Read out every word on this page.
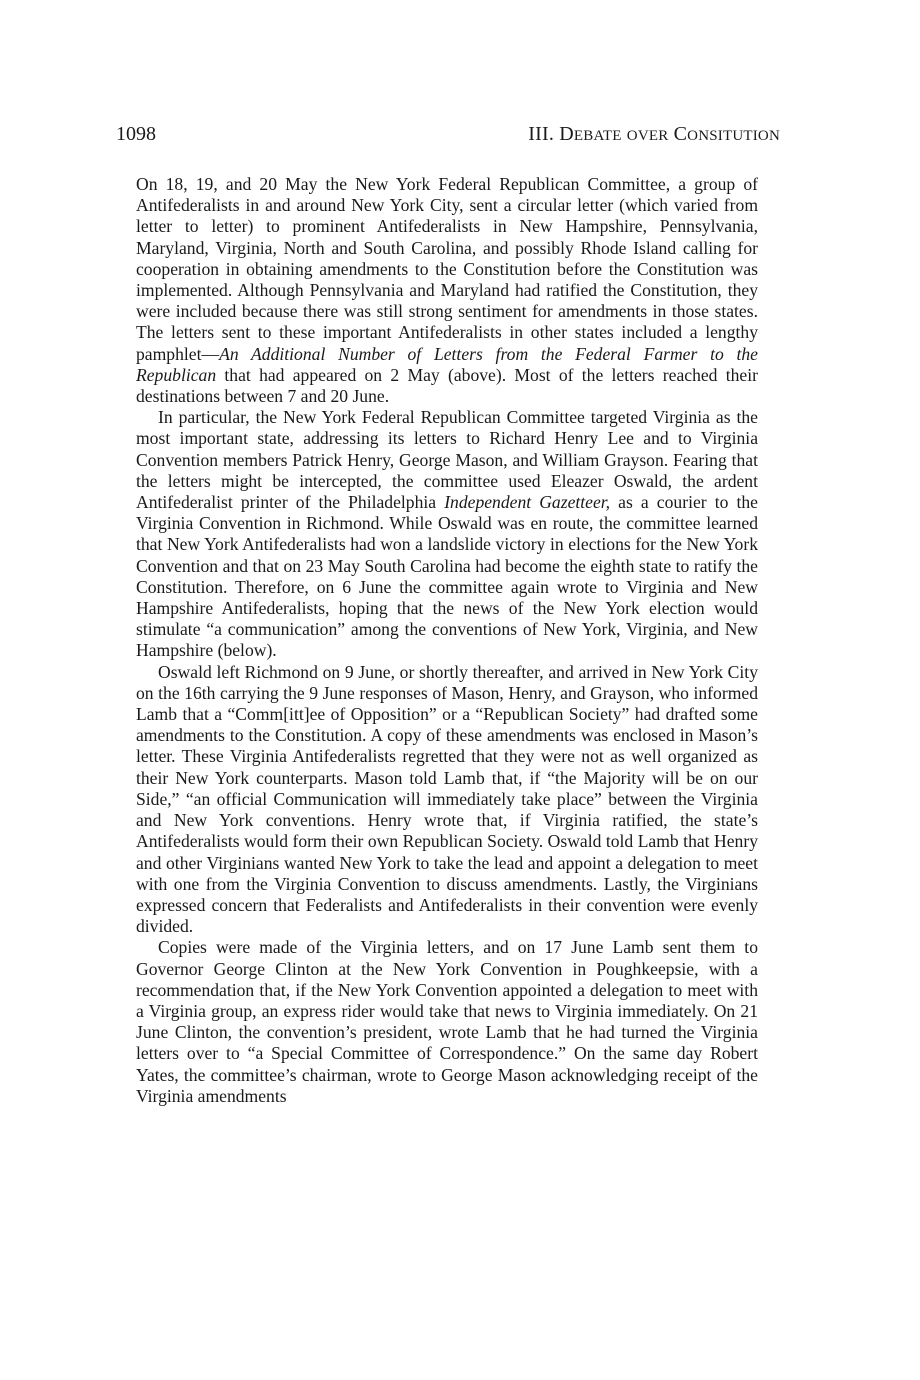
1098	III. DEBATE OVER CONSITUTION

On 18, 19, and 20 May the New York Federal Republican Committee, a group of Antifederalists in and around New York City, sent a circular letter (which varied from letter to letter) to prominent Antifederalists in New Hampshire, Pennsylvania, Maryland, Virginia, North and South Carolina, and possibly Rhode Island calling for cooperation in obtaining amendments to the Constitution before the Constitution was implemented. Although Pennsylvania and Maryland had ratified the Constitution, they were included because there was still strong sentiment for amendments in those states. The letters sent to these important Antifederalists in other states included a lengthy pamphlet—An Additional Number of Letters from the Federal Farmer to the Republican that had appeared on 2 May (above). Most of the letters reached their destinations between 7 and 20 June.

In particular, the New York Federal Republican Committee targeted Virginia as the most important state, addressing its letters to Richard Henry Lee and to Virginia Convention members Patrick Henry, George Mason, and William Grayson. Fearing that the letters might be intercepted, the committee used Eleazer Oswald, the ardent Antifederalist printer of the Philadelphia Independent Gazetteer, as a courier to the Virginia Convention in Richmond. While Oswald was en route, the committee learned that New York Antifederalists had won a landslide victory in elections for the New York Convention and that on 23 May South Carolina had become the eighth state to ratify the Constitution. Therefore, on 6 June the committee again wrote to Virginia and New Hampshire Antifederalists, hoping that the news of the New York election would stimulate “a communication” among the conventions of New York, Virginia, and New Hampshire (below).

Oswald left Richmond on 9 June, or shortly thereafter, and arrived in New York City on the 16th carrying the 9 June responses of Mason, Henry, and Grayson, who informed Lamb that a “Comm[itt]ee of Opposition” or a “Republican Society” had drafted some amendments to the Constitution. A copy of these amendments was enclosed in Mason’s letter. These Virginia Antifederalists regretted that they were not as well organized as their New York counterparts. Mason told Lamb that, if “the Majority will be on our Side,” “an official Communication will immediately take place” between the Virginia and New York conventions. Henry wrote that, if Virginia ratified, the state’s Antifederalists would form their own Republican Society. Oswald told Lamb that Henry and other Virginians wanted New York to take the lead and appoint a delegation to meet with one from the Virginia Convention to discuss amendments. Lastly, the Virginians expressed concern that Federalists and Antifederalists in their convention were evenly divided.

Copies were made of the Virginia letters, and on 17 June Lamb sent them to Governor George Clinton at the New York Convention in Poughkeepsie, with a recommendation that, if the New York Convention appointed a delegation to meet with a Virginia group, an express rider would take that news to Virginia immediately. On 21 June Clinton, the convention’s president, wrote Lamb that he had turned the Virginia letters over to “a Special Committee of Correspondence.” On the same day Robert Yates, the committee’s chairman, wrote to George Mason acknowledging receipt of the Virginia amendments
